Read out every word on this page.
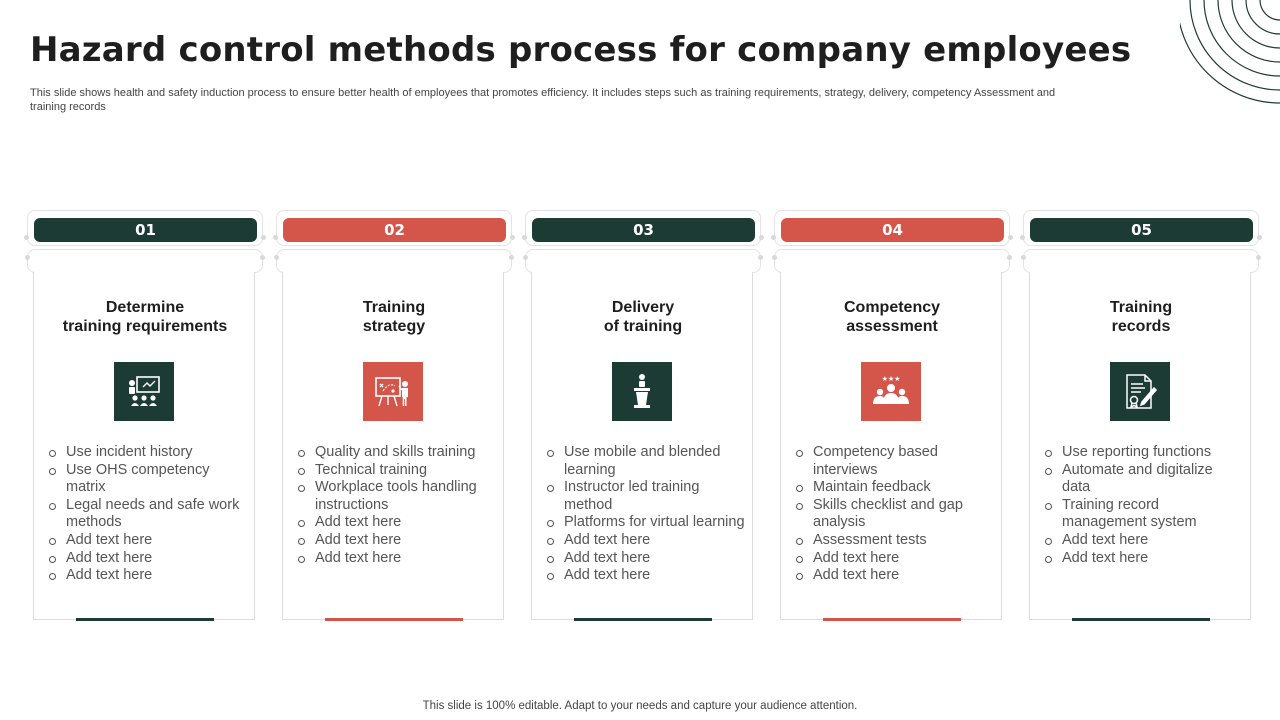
Hazard control methods process for company employees
This slide shows health and safety induction process to ensure better health of employees that promotes efficiency. It includes steps such as training requirements, strategy, delivery, competency Assessment and training records
01
Determine
training requirements
Use incident history
Use OHS competency matrix
Legal needs and safe work methods
Add text here
Add text here
Add text here
02
Training
strategy
Quality and skills training
Technical training
Workplace tools handling instructions
Add text here
Add text here
Add text here
03
Delivery
of training
Use mobile and blended learning
Instructor led training method
Platforms for virtual learning
Add text here
Add text here
Add text here
04
Competency
assessment
★★★
Competency based interviews
Maintain feedback
Skills checklist and gap analysis
Assessment tests
Add text here
Add text here
05
Training
records
Use reporting functions
Automate and digitalize data
Training record management system
Add text here
Add text here
This slide is 100% editable. Adapt to your needs and capture your audience attention.
